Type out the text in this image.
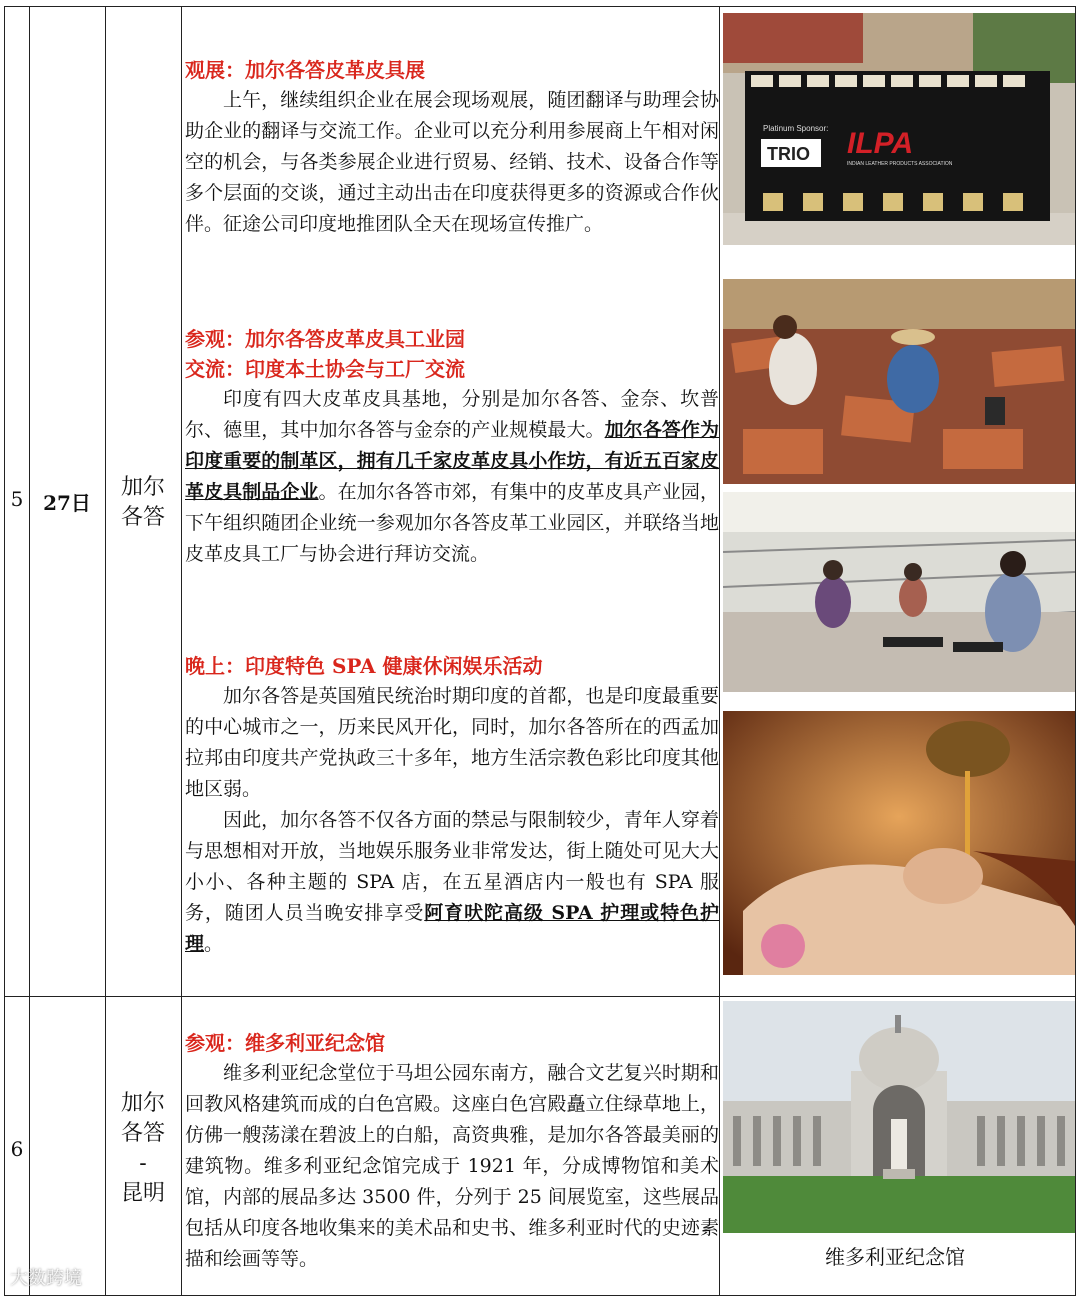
5 27日
加尔各答

观展：加尔各答皮革皮具展

上午，继续组织企业在展会现场观展，随团翻译与助理会协助企业的翻译与交流工作。企业可以充分利用参展商上午相对闲空的机会，与各类参展企业进行贸易、经销、技术、设备合作等多个层面的交谈，通过主动出击在印度获得更多的资源或合作伙伴。征途公司印度地推团队全天在现场宣传推广。

参观：加尔各答皮革皮具工业园

交流：印度本土协会与工厂交流

印度有四大皮革皮具基地，分别是加尔各答、金奈、坎普尔、德里，其中加尔各答与金奈的产业规模最大。加尔各答作为印度重要的制革区，拥有几千家皮革皮具小作坊，有近五百家皮革皮具制品企业。在加尔各答市郊，有集中的皮革皮具产业园，下午组织随团企业统一参观加尔各答皮革工业园区，并联络当地皮革皮具工厂与协会进行拜访交流。

晚上：印度特色 SPA 健康休闲娱乐活动

加尔各答是英国殖民统治时期印度的首都，也是印度最重要的中心城市之一，历来民风开化，同时，加尔各答所在的西孟加拉邦由印度共产党执政三十多年，地方生活宗教色彩比印度其他地区弱。

因此，加尔各答不仅各方面的禁忌与限制较少，青年人穿着与思想相对开放，当地娱乐服务业非常发达，街上随处可见大大小小、各种主题的 SPA 店，在五星酒店内一般也有 SPA 服务，随团人员当晚安排享受阿育吠陀高级 SPA 护理或特色护理。

Platinum Sponsor:
TRIO ILPA
INDIAN LEATHER PRODUCTS ASSOCIATION
6
加尔
各答
-
昆明

参观：维多利亚纪念馆

维多利亚纪念堂位于马坦公园东南方，融合文艺复兴时期和回教风格建筑而成的白色宫殿。这座白色宫殿矗立住绿草地上，仿佛一艘荡漾在碧波上的白船，高资典雅，是加尔各答最美丽的建筑物。维多利亚纪念馆完成于 1921 年，分成博物馆和美术馆，内部的展品多达 3500 件，分列于 25 间展览室，这些展品包括从印度各地收集来的美术品和史书、维多利亚时代的史迹素描和绘画等等。	维多利亚纪念馆
大数跨境
